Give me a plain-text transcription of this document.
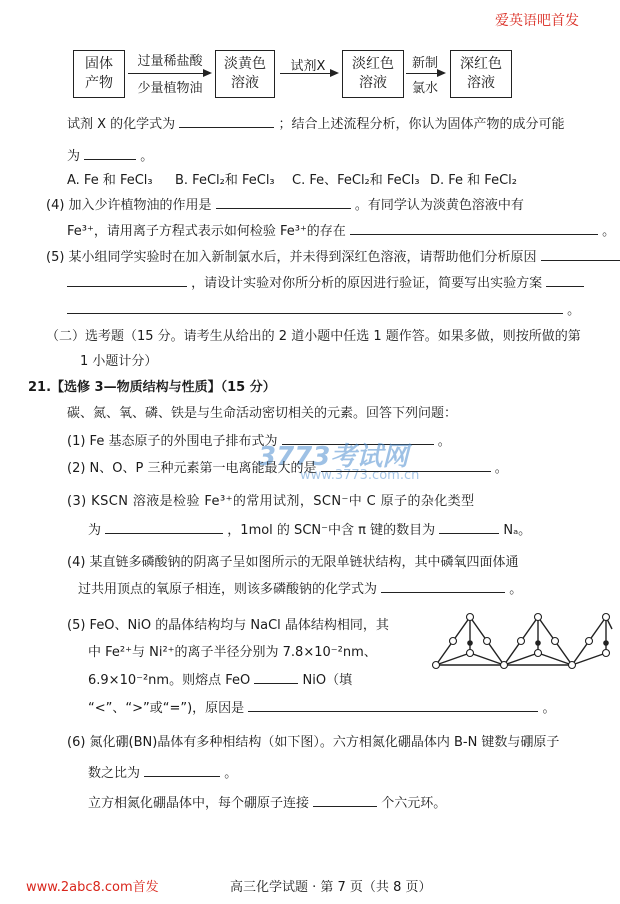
爱英语吧首发
固体
产物
过量稀盐酸
少量植物油
淡黄色
溶液
试剂X	淡红色
溶液
新制
氯水
深红色
溶液
试剂 X 的化学式为	；结合上述流程分析，你认为固体产物的成分可能
为	。
A. Fe 和 FeCl₃ B. FeCl₂和 FeCl₃ C. Fe、FeCl₂和 FeCl₃ D. Fe 和 FeCl₂
(4) 加入少许植物油的作用是	。有同学认为淡黄色溶液中有
Fe³⁺，请用离子方程式表示如何检验 Fe³⁺的存在	。
(5) 某小组同学实验时在加入新制氯水后，并未得到深红色溶液，请帮助他们分析原因
，请设计实验对你所分析的原因进行验证，简要写出实验方案
。
（二）选考题（15 分。请考生从给出的 2 道小题中任选 1 题作答。如果多做，则按所做的第
1 小题计分）
21.【选修 3—物质结构与性质】（15 分）
碳、氮、氧、磷、铁是与生命活动密切相关的元素。回答下列问题：
(1) Fe 基态原子的外围电子排布式为	。
3773考试网
www.3773.com.cn
(2) N、O、P 三种元素第一电离能最大的是	。
(3) KSCN 溶液是检验 Fe³⁺的常用试剂，SCN⁻中 C 原子的杂化类型
为	，1mol 的 SCN⁻中含 π 键的数目为	Nₐ。
(4) 某直链多磷酸钠的阴离子呈如图所示的无限单链状结构，其中磷氧四面体通
过共用顶点的氧原子相连，则该多磷酸钠的化学式为	。
(5) FeO、NiO 的晶体结构均与 NaCl 晶体结构相同，其
中 Fe²⁺与 Ni²⁺的离子半径分别为 7.8×10⁻²nm、
6.9×10⁻²nm。则熔点 FeO	NiO（填
“<”、“>”或“=”)，原因是	。
(6) 氮化硼(BN)晶体有多种相结构（如下图）。六方相氮化硼晶体内 B-N 键数与硼原子
数之比为	。
立方相氮化硼晶体中，每个硼原子连接	个六元环。
www.2abc8.com首发	高三化学试题 · 第 7 页（共 8 页）
